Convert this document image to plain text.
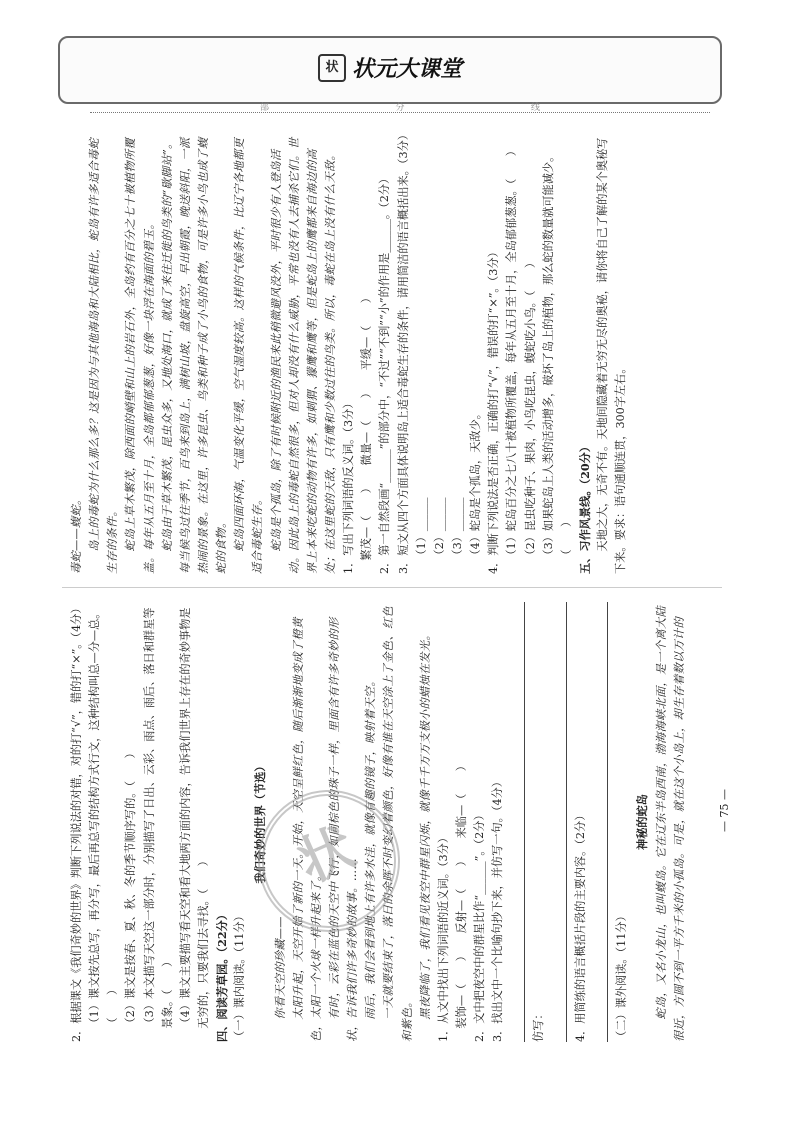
状 状元大课堂
部	分	线

2．根据课文《我们奇妙的世界》判断下列说法的对错，对的打“√”，错的打“×”。（4分） （1）课文按先总写，再分写，最后再总写的结构方式行文，这种结构叫总—分—总。（　　） （2）课文是按春、夏、秋、冬的季节顺序写的。（　　） （3）本文描写天空这一部分时，分别描写了日出、云彩、雨点、雨后、落日和群星等景象。（　　） （4）课文主要描写看天空和看大地两方面的内容，告诉我们世界上存在的奇妙事物是无穷的，只要我们去寻找。（　　） 四、阅读芳草园。（22分） （一）课内阅读。（11分）

我们奇妙的世界（节选）

你看天空的珍藏—— 太阳升起，天空开始了新的一天。开始，天空呈鲜红色，随后渐渐地变成了橙黄色，太阳一个火球一样升起来了。 有时，云彩在蓝色的天空中飞行，如同棕色的珠子一样，里面含有许多奇妙的形状，告诉我们许多奇妙的故事。…… 雨后，我们会看到地上有许多水洼，就像有趣的镜子，映射着天空。 一天就要结束了，落日的余晖不时变幻着颜色，好像有谁在天空涂上了金色、红色和紫色。 黑夜降临了，我们看见夜空中群星闪烁，就像千千万万支极小的蜡烛在发光。 1．从文中找出下列词语的近义词。（3分） 装饰—（　　）　　反射—（　　）　　来临—（　　） 2．文中把夜空中的群星比作“______”。（2分） 3．找出文中一个比喻句抄下来，并仿写一句。（4分）	仿写：	4．用简练的语言概括片段的主要内容。（2分）	（二）课外阅读。（11分）

神秘的蛇岛 蛇岛，又名小龙山，也叫蝮岛。它在辽东半岛西南，渤海海峡北面，是一个离大陆很近，方圆不到一平方千米的小孤岛。可是，就在这个小岛上，却生存着数以万计的	— 75 —

毒蛇——蝮蛇。 岛上的毒蛇为什么那么多？这是因为与其他海岛和大陆相比，蛇岛有许多适合毒蛇生存的条件。 蛇岛上草木繁茂，除西面的峭壁和山上的岩石外，全岛约有百分之七十被植物所覆盖。每年从五月至十月，全岛都郁郁葱葱，好像一块浮在海面的碧玉。 蛇岛由于草木繁茂，昆虫众多，又地处海口，就成了来往迁徙的鸟类的“歇脚站”。每当候鸟过往季节，百鸟来到岛上，满树山坡，盘旋高空，早出朝霞，晚送斜阳，一派热闹的景象。在这里，许多昆虫、鸟类和种子成了小鸟的食物，可是许多小鸟也成了蝮蛇的食物。 蛇岛四面环海，气温变化平缓，空气湿度较高。这样的气候条件，比辽宁各地都更适合毒蛇生存。 蛇岛是个孤岛，除了有时候附近的渔民来此稍微避风没外，平时很少有人登岛活动。因此岛上的毒蛇自然很多，但对人却没有什么威胁，平常也没有人去捕杀它们。世界上本来吃蛇的动物有许多，如刺猬、獴鹰和鹰等，但是蛇岛上的鹰都来自海边的高处；在这里蛇的天敌，只有鹰和少数过往的鸟类。所以，毒蛇在岛上没有什么天敌。 1．写出下列词语的反义词。（3分） 繁茂—（　　）　　微量—（　　）　　平缓—（　　） 2．第一自然段画“______”的部分中，“不过”“不到”“小”的作用是______。（2分） 3．短文从四个方面具体说明岛上适合毒蛇生存的条件，请用简洁的语言概括出来。（3分） （1）______ （2）______ （3）______ （4）蛇岛是个孤岛，天敌少。 4．判断下列说法是否正确，正确的打“√”，错误的打“×”。（3分） （1）蛇岛百分之七八十被植物所覆盖，每年从五月至十月，全岛郁郁葱葱。（　　） （2）昆虫吃种子、果肉，小鸟吃昆虫，蝮蛇吃小鸟。（　　） （3）如果蛇岛上人类的活动增多，破坏了岛上的植物，那么蛇的数量就可能减少。（　　） 五、习作风景线。（20分） 天地之大，无奇不有。天地间隐藏着无穷无尽的奥秘，请你将自己了解的某个奥秘写下来。要求：语句通顺连贯，300字左右。

状
